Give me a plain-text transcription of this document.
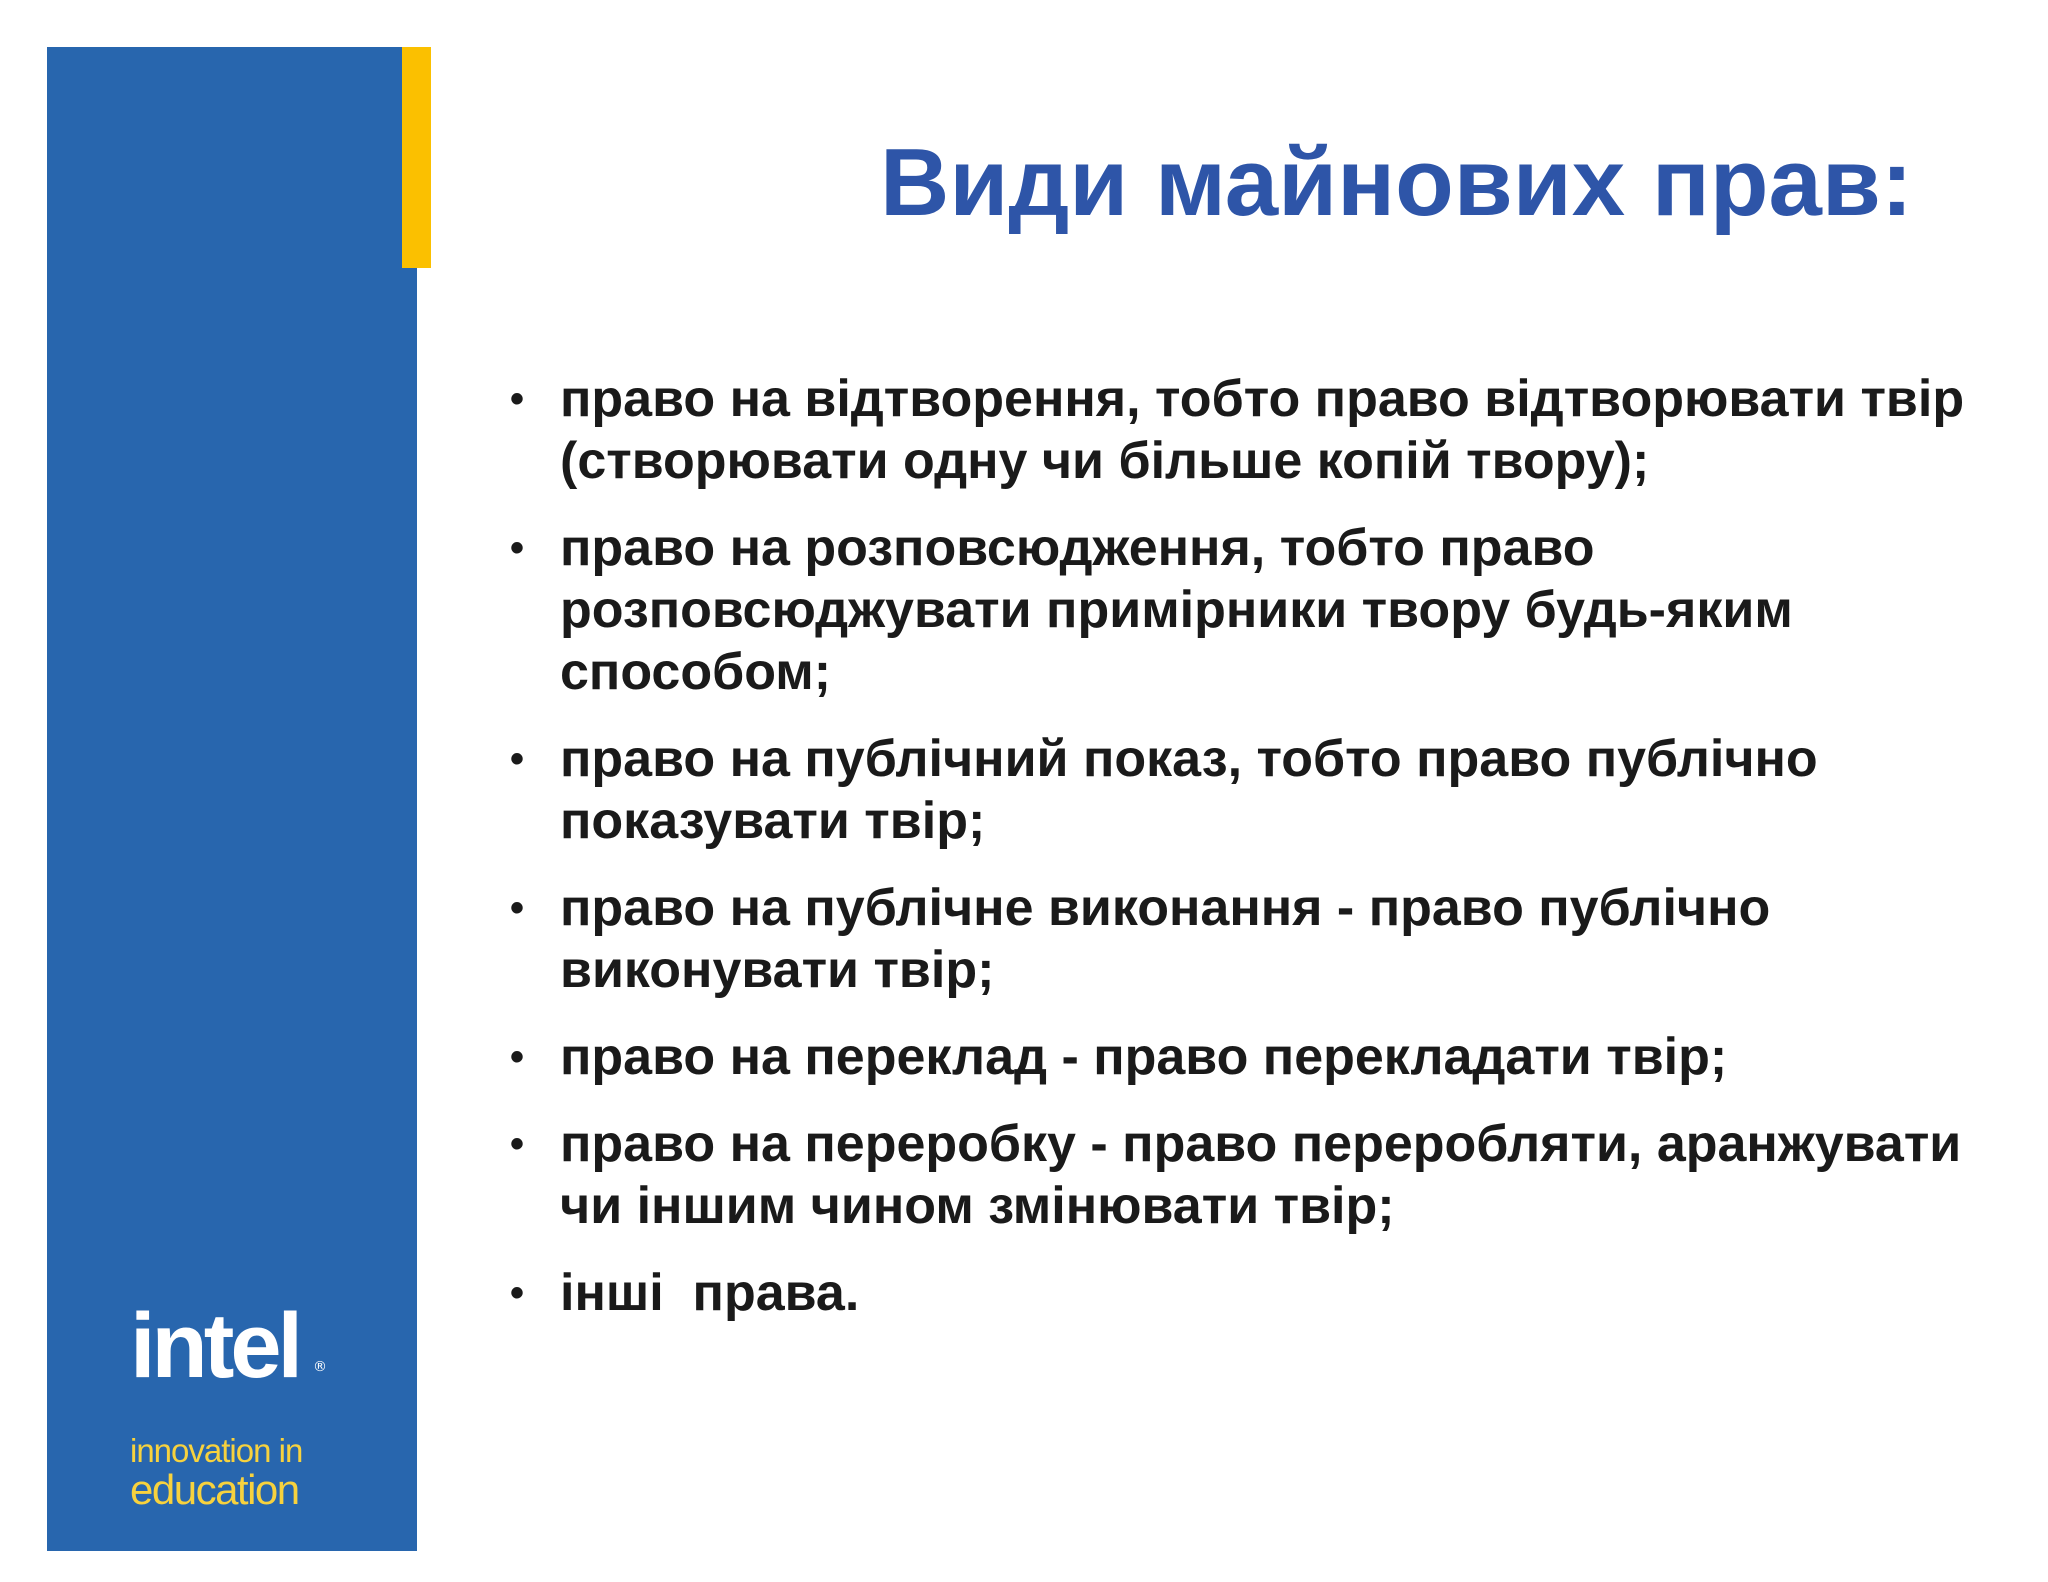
intel ®
innovation in
education
Види майнових прав:
• право на відтворення, тобто право відтворювати твір (створювати одну чи більше копій твору);
• право на розповсюдження, тобто право розповсюджувати примірники твору будь-яким способом;
• право на публічний показ, тобто право публічно показувати твір;
• право на публічне виконання - право публічно виконувати твір;
• право на переклад - право перекладати твір;
• право на переробку - право переробляти, аранжувати чи іншим чином змінювати твір;
• інші  права.
